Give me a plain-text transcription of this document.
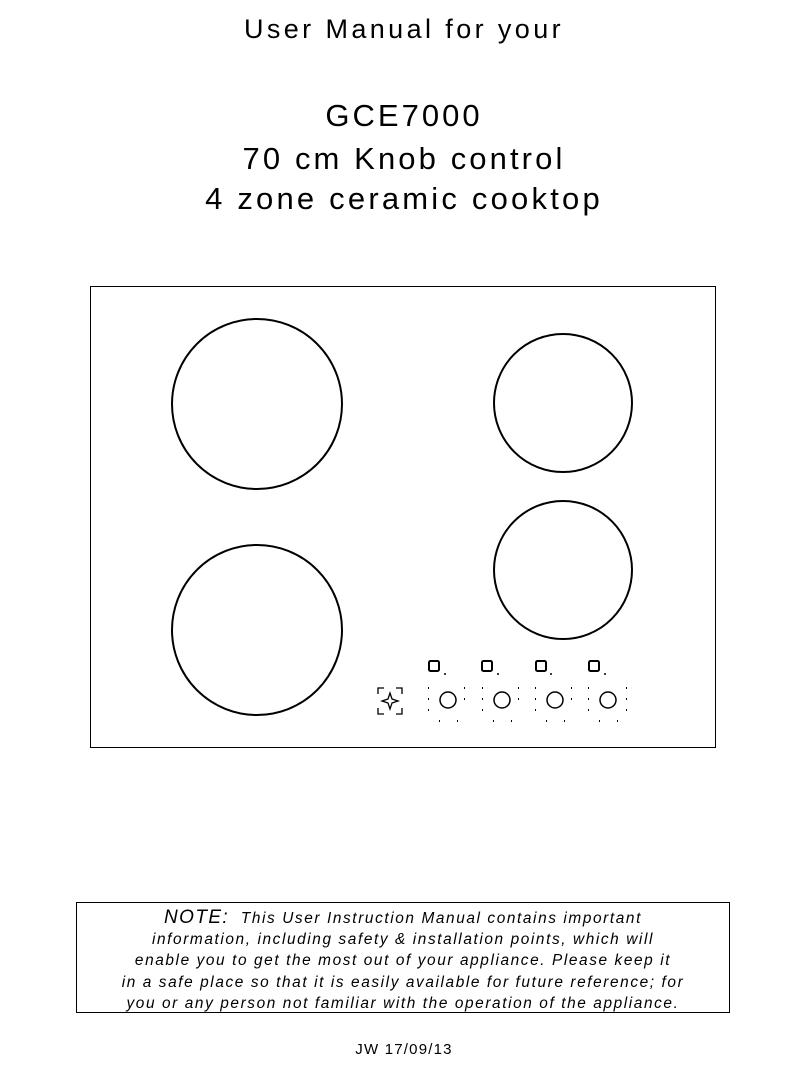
User Manual for your
GCE7000
70 cm Knob control
4 zone ceramic cooktop
NOTE: This User Instruction Manual contains important
information, including safety & installation points, which will
enable you to get the most out of your appliance. Please keep it
in a safe place so that it is easily available for future reference; for
you or any person not familiar with the operation of the appliance.
JW 17/09/13
